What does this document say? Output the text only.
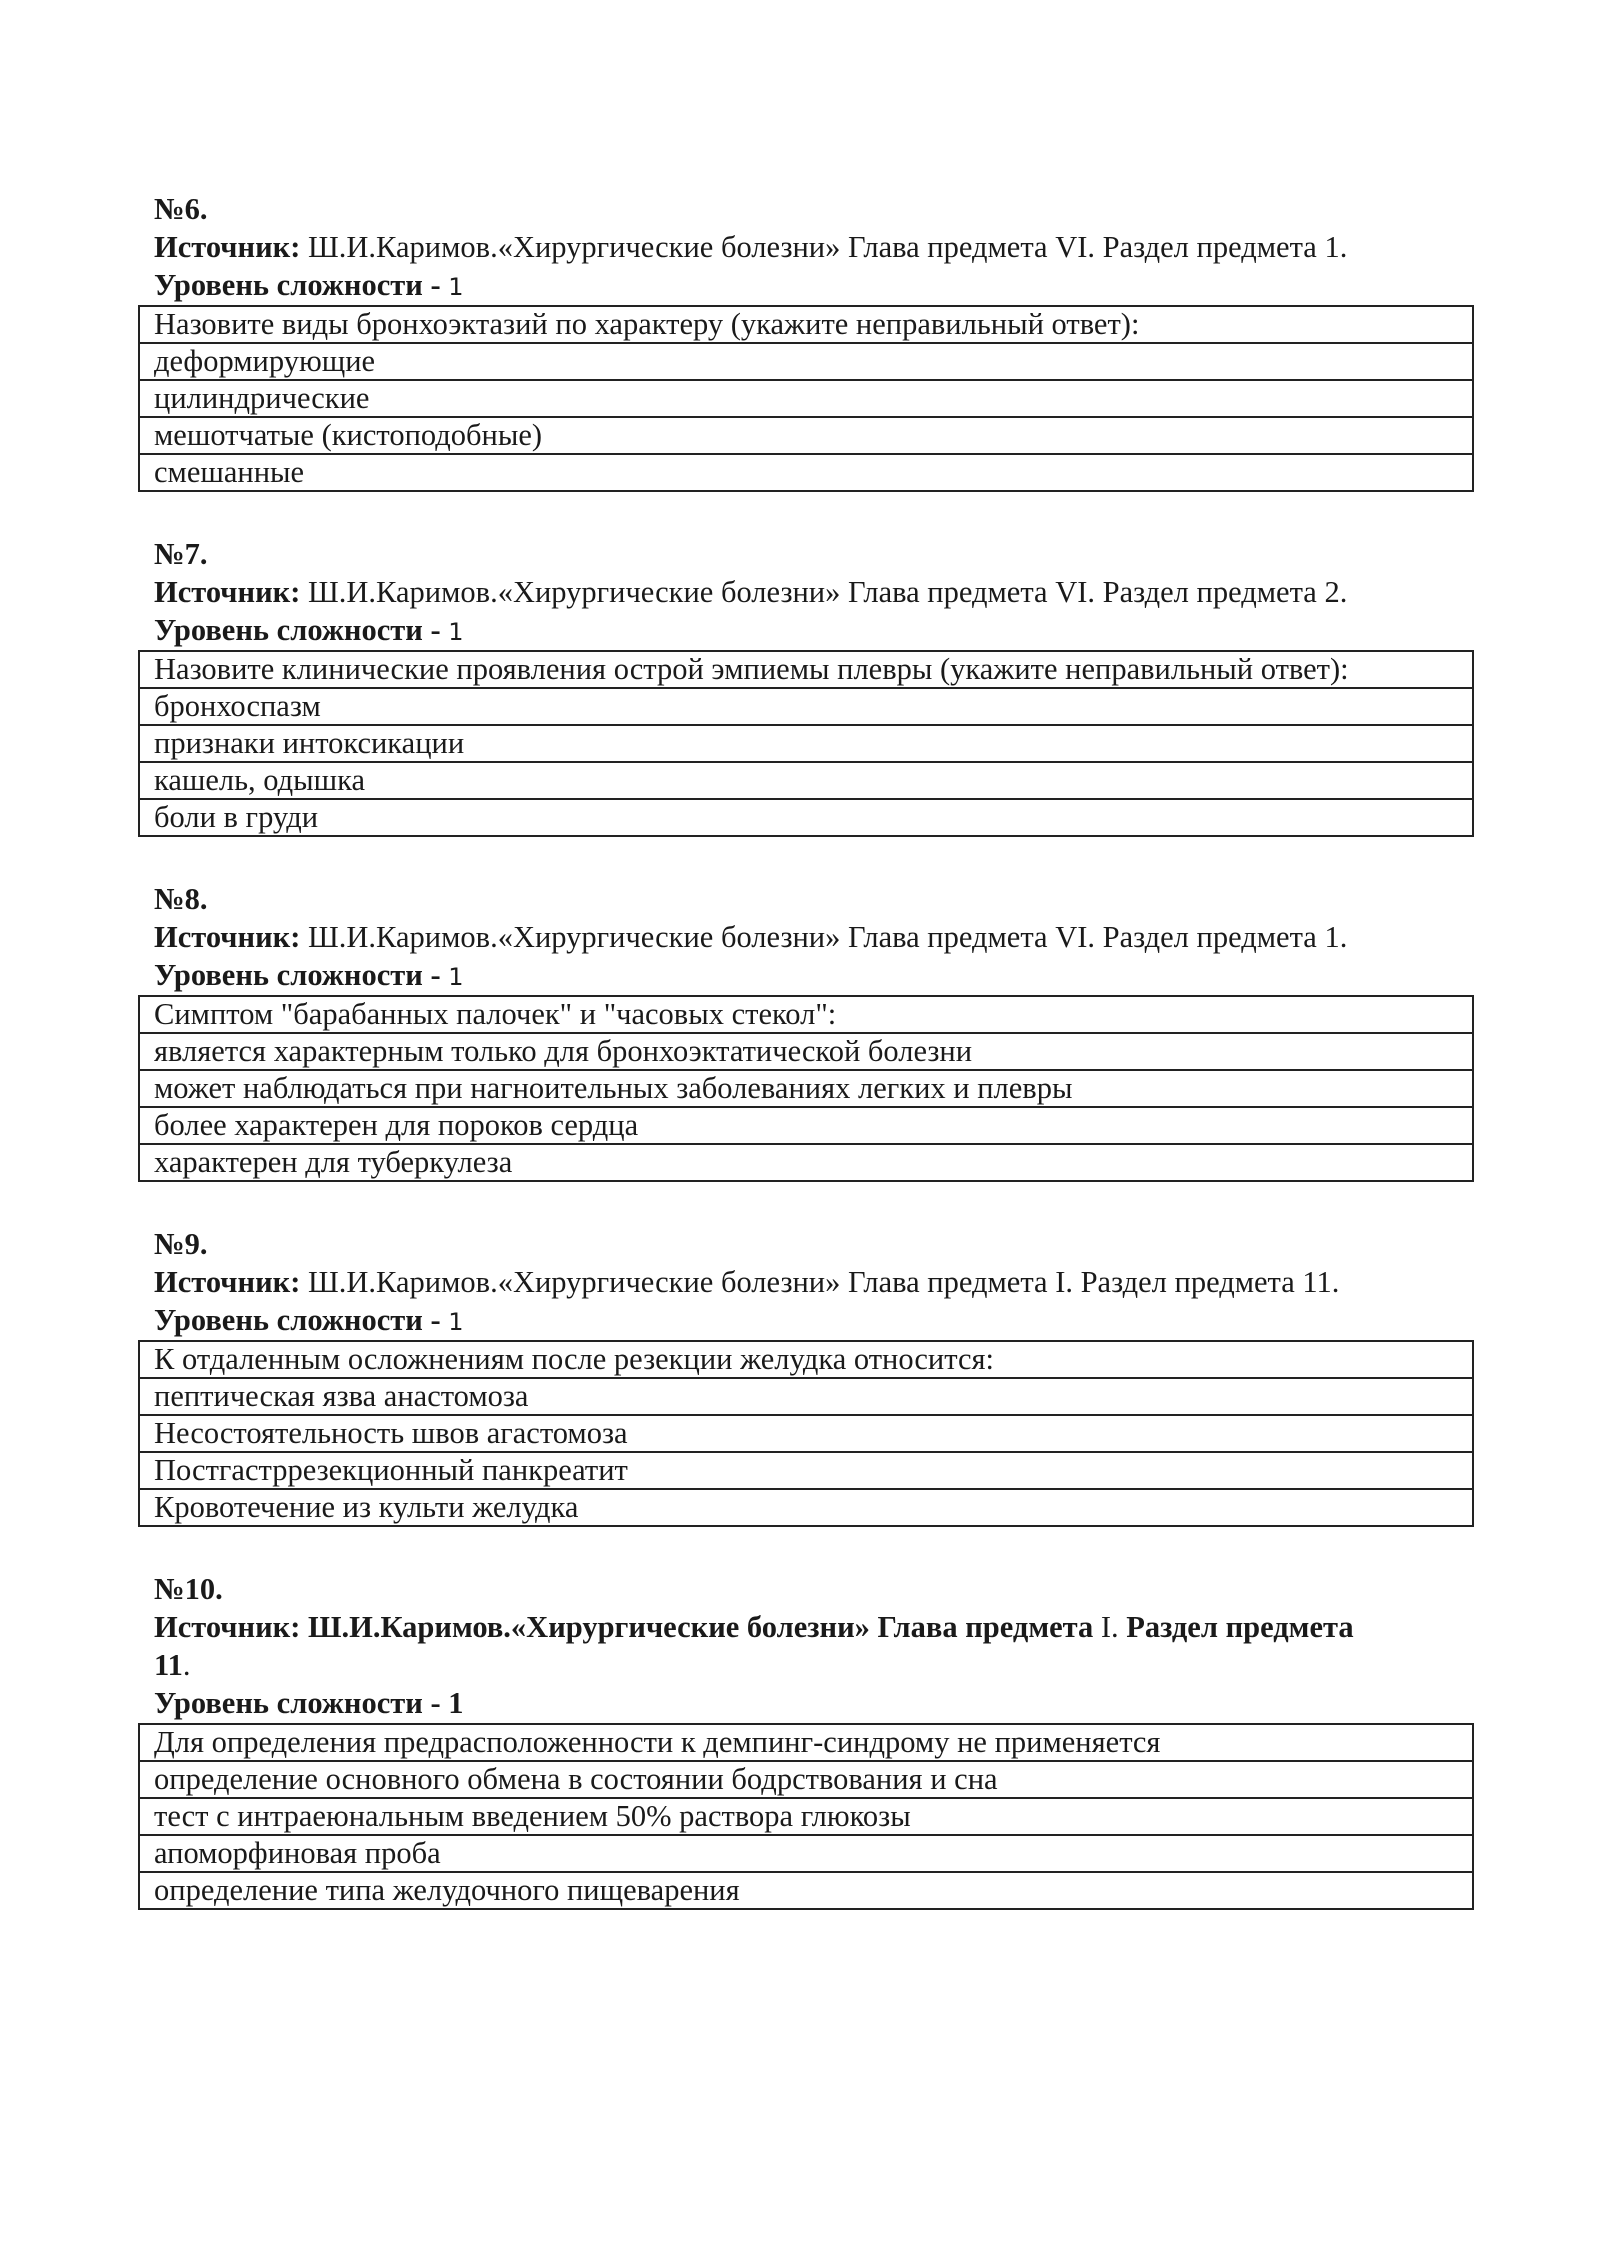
№6.
Источник: Ш.И.Каримов.«Хирургические болезни» Глава предмета VI. Раздел предмета 1.
Уровень сложности - 1
Назовите виды бронхоэктазий по характеру (укажите неправильный ответ):
деформирующие
цилиндрические
мешотчатые (кистоподобные)
смешанные
№7.
Источник: Ш.И.Каримов.«Хирургические болезни» Глава предмета VI. Раздел предмета 2.
Уровень сложности - 1
Назовите клинические проявления острой эмпиемы плевры (укажите неправильный ответ):
бронхоспазм
признаки интоксикации
кашель, одышка
боли в груди
№8.
Источник: Ш.И.Каримов.«Хирургические болезни» Глава предмета VI. Раздел предмета 1.
Уровень сложности - 1
Симптом "барабанных палочек" и "часовых стекол":
является характерным только для бронхоэктатической болезни
может наблюдаться при нагноительных заболеваниях легких и плевры
более характерен для пороков сердца
характерен для туберкулеза
№9.
Источник: Ш.И.Каримов.«Хирургические болезни» Глава предмета I. Раздел предмета 11.
Уровень сложности - 1
К отдаленным осложнениям после резекции желудка относится:
пептическая язва анастомоза
Несостоятельность швов агастомоза
Постгастррезекционный панкреатит
Кровотечение из культи желудка
№10.
Источник: Ш.И.Каримов.«Хирургические болезни» Глава предмета I. Раздел предмета
11.
Уровень сложности - 1
Для определения предрасположенности к демпинг-синдрому не применяется
определение основного обмена в состоянии бодрствования и сна
тест с интраеюнальным введением 50% раствора глюкозы
апоморфиновая проба
определение типа желудочного пищеварения
